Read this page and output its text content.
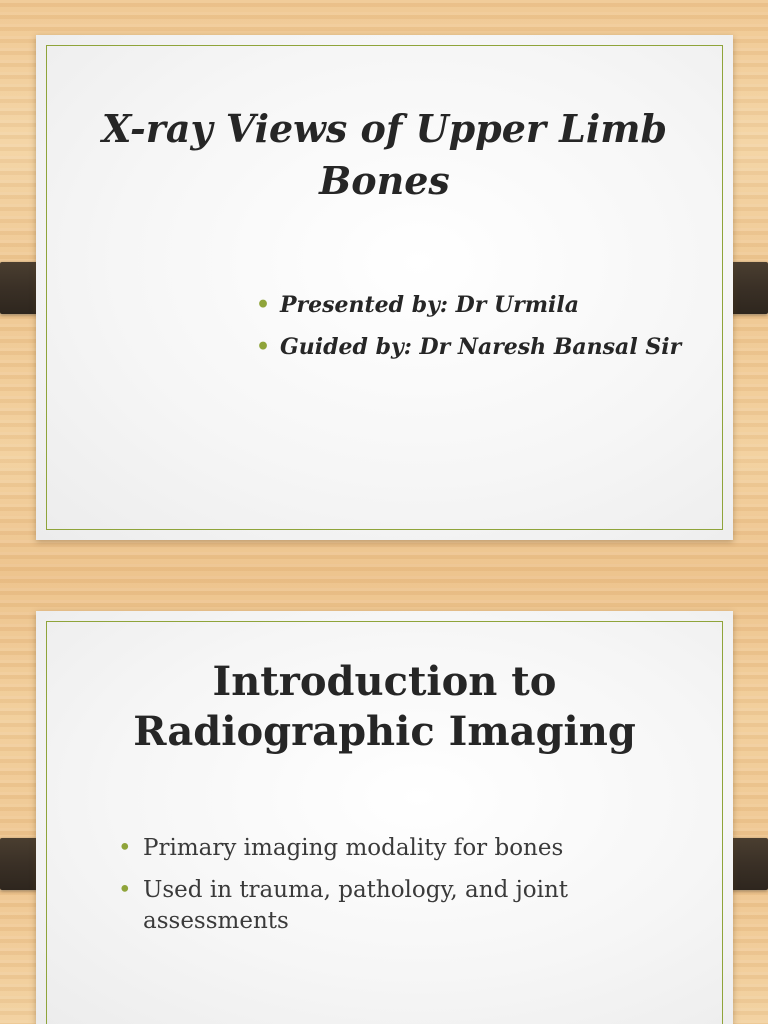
X-ray Views of Upper Limb Bones
• Presented by: Dr Urmila
• Guided by: Dr Naresh Bansal Sir
Introduction to Radiographic Imaging
• Primary imaging modality for bones
• Used in trauma, pathology, and joint assessments
